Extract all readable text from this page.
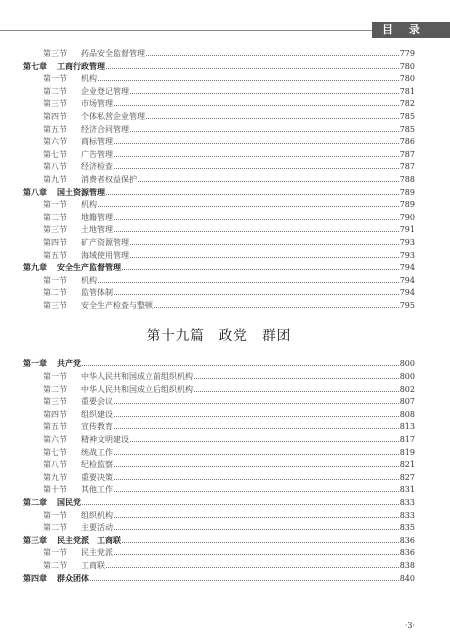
目 录
第三节	药品安全监督管理	779
第七章 工商行政管理	780
第一节	机构	780
第二节	企业登记管理	781
第三节	市场管理	782
第四节	个体私营企业管理	785
第五节	经济合同管理	785
第六节	商标管理	786
第七节	广告管理	787
第八节	经济检查	787
第九节	消费者权益保护	788
第八章 国土资源管理	789
第一节	机构	789
第二节	地籍管理	790
第三节	土地管理	791
第四节	矿产资源管理	793
第五节	海域使用管理	793
第九章 安全生产监督管理	794
第一节	机构	794
第二节	监管体制	794
第三节	安全生产检查与整顿	795
第十九篇 政党　群团
第一章 共产党	800
第一节	中华人民共和国成立前组织机构	800
第二节	中华人民共和国成立后组织机构	802
第三节	重要会议	807
第四节	组织建设	808
第五节	宣传教育	813
第六节	精神文明建设	817
第七节	统战工作	819
第八节	纪检监察	821
第九节	重要决策	827
第十节	其他工作	831
第二章 国民党	833
第一节	组织机构	833
第二节	主要活动	835
第三章 民主党派　工商联	836
第一节	民主党派	836
第二节	工商联	838
第四章 群众团体	840
·3·
